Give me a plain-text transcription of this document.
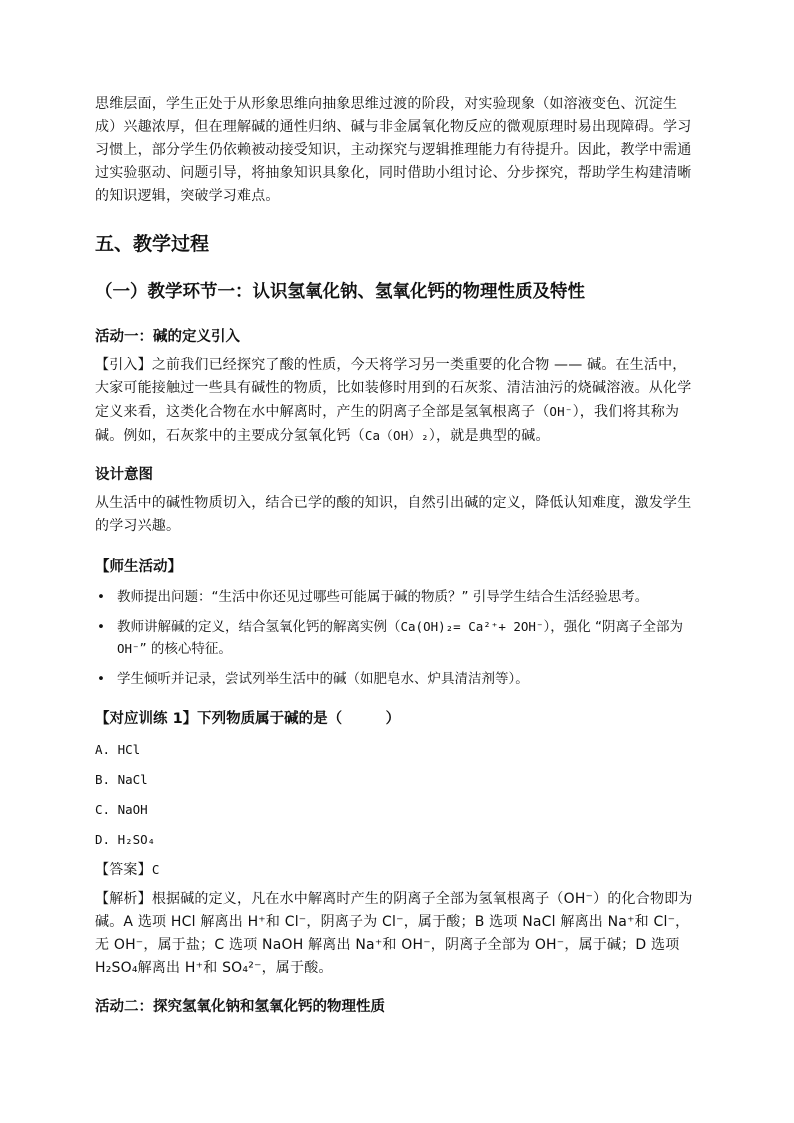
思维层面，学生正处于从形象思维向抽象思维过渡的阶段，对实验现象（如溶液变色、沉淀生成）兴趣浓厚，但在理解碱的通性归纳、碱与非金属氧化物反应的微观原理时易出现障碍。学习习惯上，部分学生仍依赖被动接受知识，主动探究与逻辑推理能力有待提升。因此，教学中需通过实验驱动、问题引导，将抽象知识具象化，同时借助小组讨论、分步探究，帮助学生构建清晰的知识逻辑，突破学习难点。

五、教学过程

（一）教学环节一：认识氢氧化钠、氢氧化钙的物理性质及特性

活动一：碱的定义引入

【引入】之前我们已经探究了酸的性质，今天将学习另一类重要的化合物 —— 碱。在生活中，大家可能接触过一些具有碱性的物质，比如装修时用到的石灰浆、清洁油污的烧碱溶液。从化学定义来看，这类化合物在水中解离时，产生的阴离子全部是氢氧根离子（OH⁻），我们将其称为碱。例如，石灰浆中的主要成分氢氧化钙（Ca（OH）₂），就是典型的碱。

设计意图

从生活中的碱性物质切入，结合已学的酸的知识，自然引出碱的定义，降低认知难度，激发学生的学习兴趣。

【师生活动】

• 教师提出问题：“生活中你还见过哪些可能属于碱的物质？” 引导学生结合生活经验思考。
• 教师讲解碱的定义，结合氢氧化钙的解离实例（Ca(OH)₂= Ca²⁺+ 2OH⁻），强化 “阴离子全部为 OH⁻” 的核心特征。
• 学生倾听并记录，尝试列举生活中的碱（如肥皂水、炉具清洁剂等）。

【对应训练 1】下列物质属于碱的是（　　　）

A. HCl

B. NaCl

C. NaOH

D. H₂SO₄

【答案】C

【解析】根据碱的定义，凡在水中解离时产生的阴离子全部为氢氧根离子（OH⁻）的化合物即为碱。A 选项 HCl 解离出 H⁺和 Cl⁻，阴离子为 Cl⁻，属于酸；B 选项 NaCl 解离出 Na⁺和 Cl⁻，无 OH⁻，属于盐；C 选项 NaOH 解离出 Na⁺和 OH⁻，阴离子全部为 OH⁻，属于碱；D 选项 H₂SO₄解离出 H⁺和 SO₄²⁻，属于酸。

活动二：探究氢氧化钠和氢氧化钙的物理性质
